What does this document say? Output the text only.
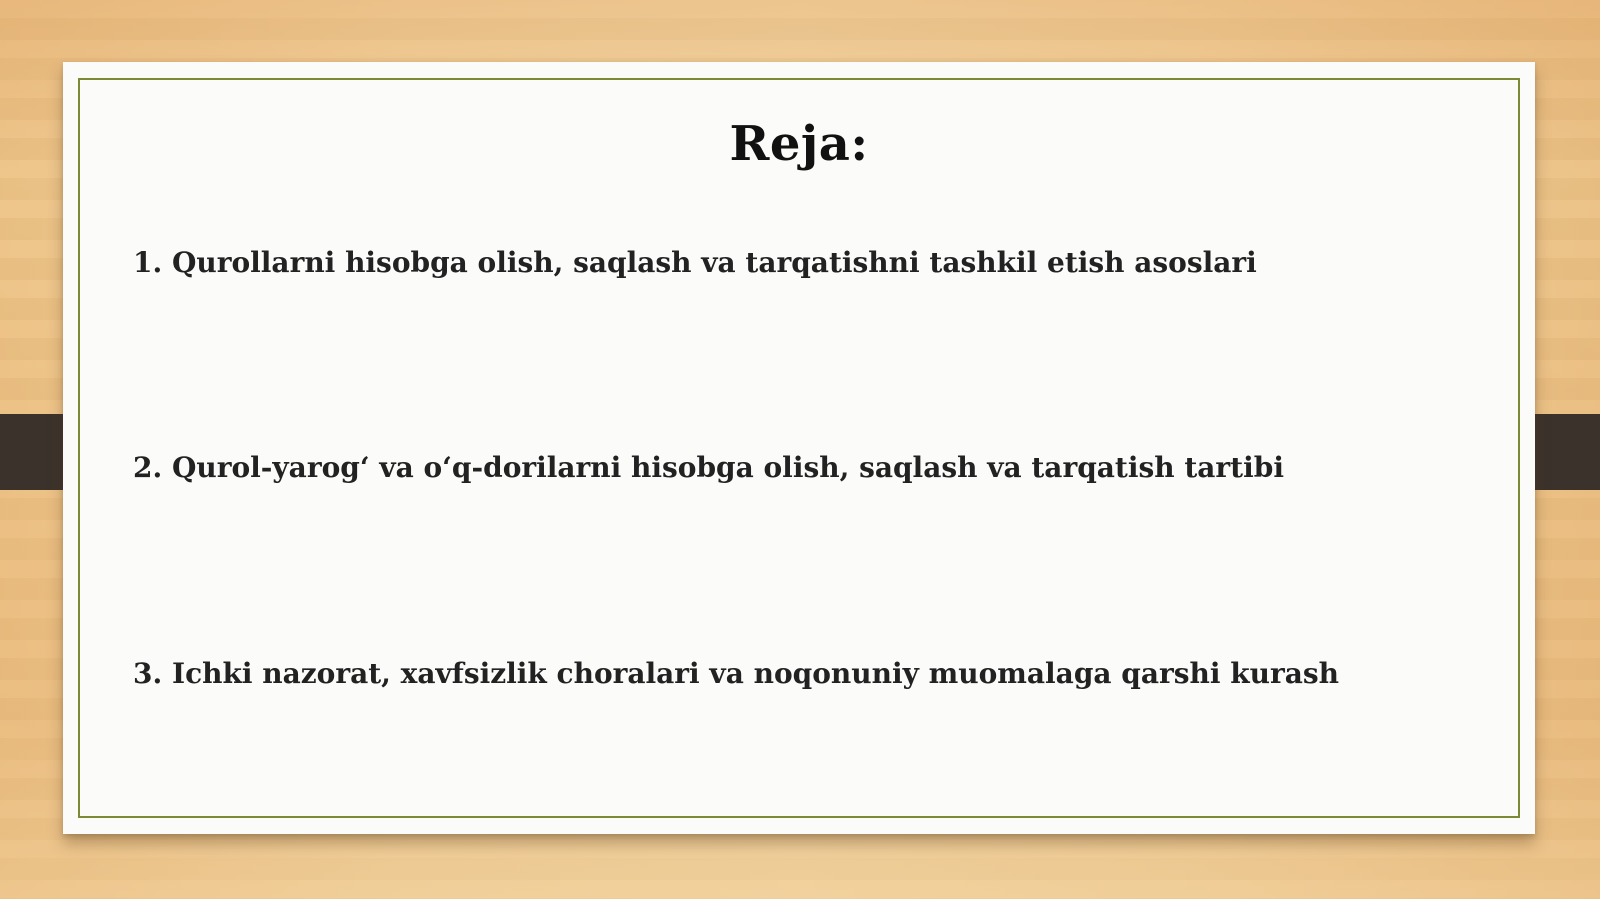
Reja:
1. Qurollarni hisobga olish, saqlash va tarqatishni tashkil etish asoslari
2. Qurol-yarog‘ va o‘q-dorilarni hisobga olish, saqlash va tarqatish tartibi
3. Ichki nazorat, xavfsizlik choralari va noqonuniy muomalaga qarshi kurash
